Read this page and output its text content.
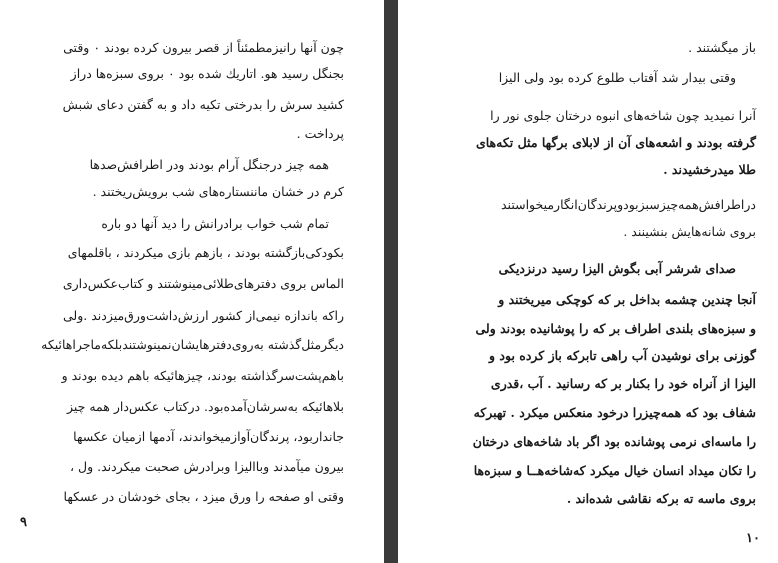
چون آنها رانیزمطمئناً از قصر بیرون کرده بودند ۰ وقتی
بجنگل رسید هو. اتاریك شده بود ۰ بروی سبزه‌ها دراز
کشید سرش را بدرختی تکیه داد و به گفتن دعای شبش
پرداخت .
همه چیز درجنگل آرام بودند ودر اطرافش‌صدها
کرم در خشان ماننستاره‌های شب برویش‌ریختند .
تمام شب خواب برادرانش را دید آنها دو باره
بکودکی‌بازگشته بودند ، بازهم بازی میکردند ، باقلمهای
الماس بروی دفترهای‌طلائی‌مینوشتند و کتاب‌عکس‌داری
راکه باندازه نیمی‌از کشور ارزش‌داشت‌ورق‌میزدند .ولی
دیگرمثل‌گذشته به‌روی‌دفترهایشان‌نمینوشتندبلکه‌ماجراهائیکه
باهم‌پشت‌سرگذاشته بودند، چیزهائیکه باهم دیده بودند و
بلاهائیکه به‌سرشان‌آمده‌بود. درکتاب عکس‌دار همه چیز
جانداربود، پرندگان‌آوازمیخواندند، آدمها ازمیان عکسها
بیرون میآمدند وباالیزا وبرادرش صحبت میکردند. ول ،
وقتی او صفحه را ورق میزد ، بجای خودشان در عسکها
۹
باز میگشتند .
وقتی بیدار شد آفتاب طلوع کرده بود ولی الیزا
آنرا نمیدید چون شاخه‌های انبوه درختان جلوی نور را
گرفته بودند و اشعه‌های آن از لابلای برگها مثل تکه‌های
طلا میدرخشیدند .
دراطرافش‌همه‌چیزسبزبودوپرندگان‌انگارمیخواستند
بروی شانه‌هایش بنشینند .
صدای شرشر آبی بگوش الیزا رسید درنزدیکی
آنجا چندین چشمه بداخل بر که کوچکی میریختند و
و سبزه‌های بلندی اطراف بر که را پوشانیده بودند ولی
گوزنی برای نوشیدن آب راهی تابرکه باز کرده بود و
الیزا از آنراه خود را بکنار بر که رسانید . آب ،قدری
شفاف بود که همه‌چیزرا درخود منعکس میکرد . تهبرکه
را ماسه‌ای نرمی پوشانده بود اگر باد شاخه‌های درختان
را تکان میداد انسان خیال میکرد که‌شاخه‌هــا و سبزه‌ها
بروی ماسه ته برکه نقاشی شده‌اند .
۱۰
